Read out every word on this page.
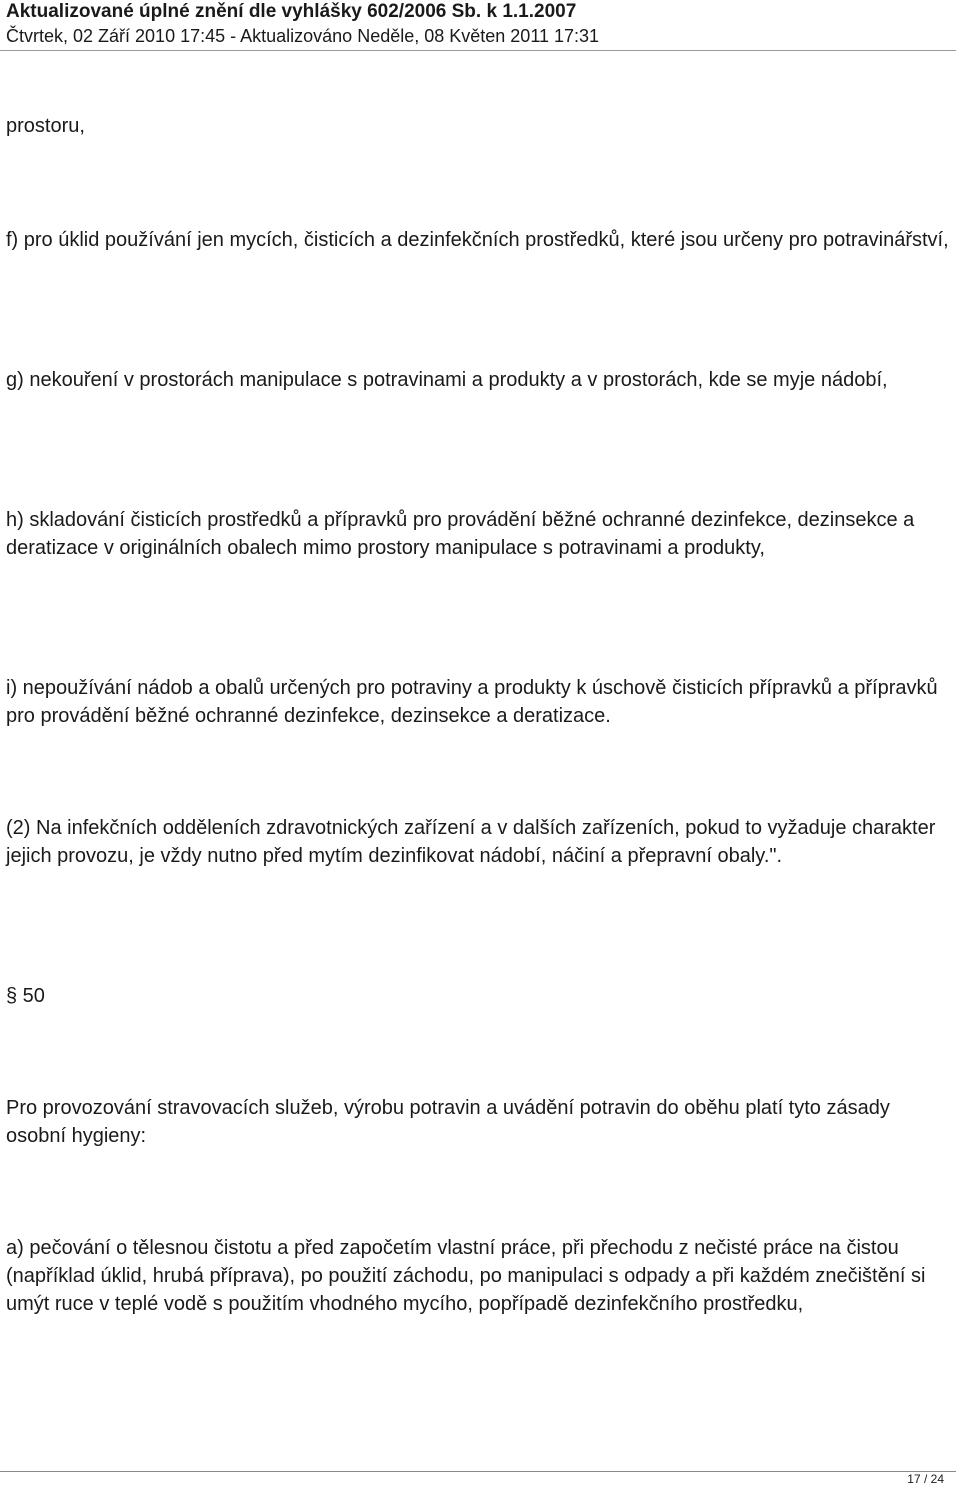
Aktualizované úplné znění dle vyhlášky 602/2006 Sb. k 1.1.2007
Čtvrtek, 02 Září 2010 17:45 - Aktualizováno Neděle, 08 Květen 2011 17:31

prostoru,

f) pro úklid používání jen mycích, čisticích a dezinfekčních prostředků, které jsou určeny pro potravinářství,

g) nekouření v prostorách manipulace s potravinami a produkty a v prostorách, kde se myje nádobí,

h) skladování čisticích prostředků a přípravků pro provádění běžné ochranné dezinfekce, dezinsekce a deratizace v originálních obalech mimo prostory manipulace s potravinami a produkty,

i) nepoužívání nádob a obalů určených pro potraviny a produkty k úschově čisticích přípravků a přípravků pro provádění běžné ochranné dezinfekce, dezinsekce a deratizace.

(2) Na infekčních odděleních zdravotnických zařízení a v dalších zařízeních, pokud to vyžaduje charakter jejich provozu, je vždy nutno před mytím dezinfikovat nádobí, náčiní a přepravní obaly.".

§ 50

Pro provozování stravovacích služeb, výrobu potravin a uvádění potravin do oběhu platí tyto zásady osobní hygieny:

a) pečování o tělesnou čistotu a před započetím vlastní práce, při přechodu z nečisté práce na čistou (například úklid, hrubá příprava), po použití záchodu, po manipulaci s odpady a při každém znečištění si umýt ruce v teplé vodě s použitím vhodného mycího, popřípadě dezinfekčního prostředku,

17 / 24
